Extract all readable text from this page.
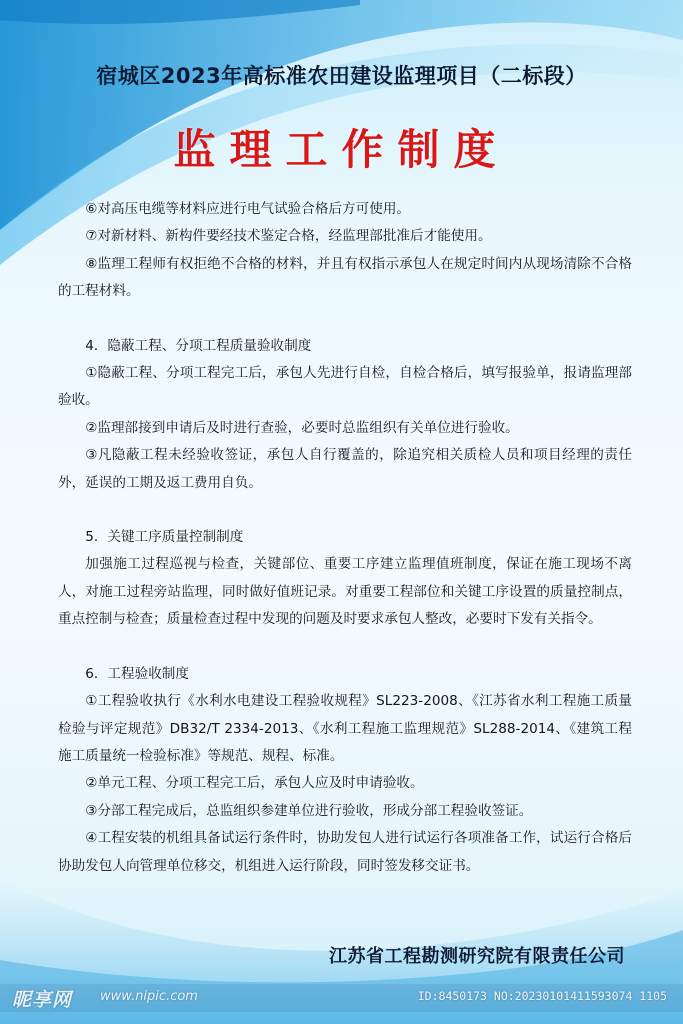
宿城区2023年高标准农田建设监理项目（二标段）
监理工作制度

⑥对高压电缆等材料应进行电气试验合格后方可使用。

⑦对新材料、新构件要经技术鉴定合格，经监理部批准后才能使用。

⑧监理工程师有权拒绝不合格的材料，并且有权指示承包人在规定时间内从现场清除不合格的工程材料。

4．隐蔽工程、分项工程质量验收制度

①隐蔽工程、分项工程完工后，承包人先进行自检，自检合格后，填写报验单，报请监理部验收。

②监理部接到申请后及时进行查验，必要时总监组织有关单位进行验收。

③凡隐蔽工程未经验收签证，承包人自行覆盖的，除追究相关质检人员和项目经理的责任外，延误的工期及返工费用自负。

5．关键工序质量控制制度

加强施工过程巡视与检查，关键部位、重要工序建立监理值班制度，保证在施工现场不离人，对施工过程旁站监理，同时做好值班记录。对重要工程部位和关键工序设置的质量控制点，重点控制与检查；质量检查过程中发现的问题及时要求承包人整改，必要时下发有关指令。

6．工程验收制度

①工程验收执行《水利水电建设工程验收规程》SL223-2008、《江苏省水利工程施工质量检验与评定规范》DB32/T 2334-2013、《水利工程施工监理规范》SL288-2014、《建筑工程施工质量统一检验标准》等规范、规程、标准。

②单元工程、分项工程完工后，承包人应及时申请验收。

③分部工程完成后，总监组织参建单位进行验收，形成分部工程验收签证。

④工程安装的机组具备试运行条件时，协助发包人进行试运行各项准备工作，试运行合格后协助发包人向管理单位移交，机组进入运行阶段，同时签发移交证书。

江苏省工程勘测研究院有限责任公司
昵享网 www.nipic.com	ID:8450173 NO:20230101411593074 1105
